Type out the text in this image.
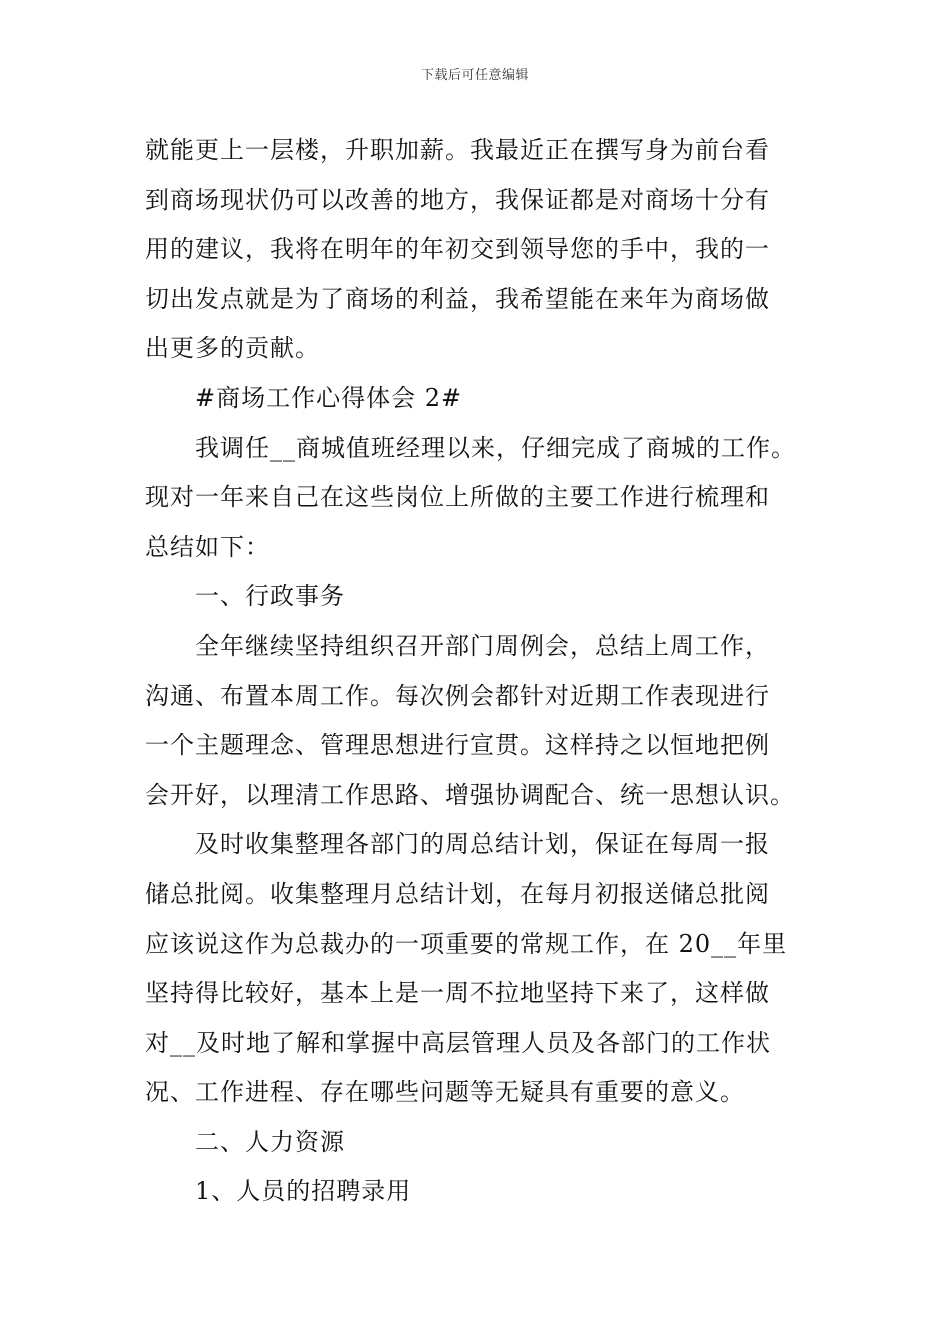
下载后可任意编辑
就能更上一层楼，升职加薪。我最近正在撰写身为前台看
到商场现状仍可以改善的地方，我保证都是对商场十分有
用的建议，我将在明年的年初交到领导您的手中，我的一
切出发点就是为了商场的利益，我希望能在来年为商场做
出更多的贡献。
#商场工作心得体会 2#
我调任__商城值班经理以来，仔细完成了商城的工作。
现对一年来自己在这些岗位上所做的主要工作进行梳理和
总结如下：
一、行政事务
全年继续坚持组织召开部门周例会，总结上周工作，
沟通、布置本周工作。每次例会都针对近期工作表现进行
一个主题理念、管理思想进行宣贯。这样持之以恒地把例
会开好，以理清工作思路、增强协调配合、统一思想认识。
及时收集整理各部门的周总结计划，保证在每周一报
储总批阅。收集整理月总结计划，在每月初报送储总批阅
应该说这作为总裁办的一项重要的常规工作，在 20__年里
坚持得比较好，基本上是一周不拉地坚持下来了，这样做
对__及时地了解和掌握中高层管理人员及各部门的工作状
况、工作进程、存在哪些问题等无疑具有重要的意义。
二、人力资源
1、人员的招聘录用
